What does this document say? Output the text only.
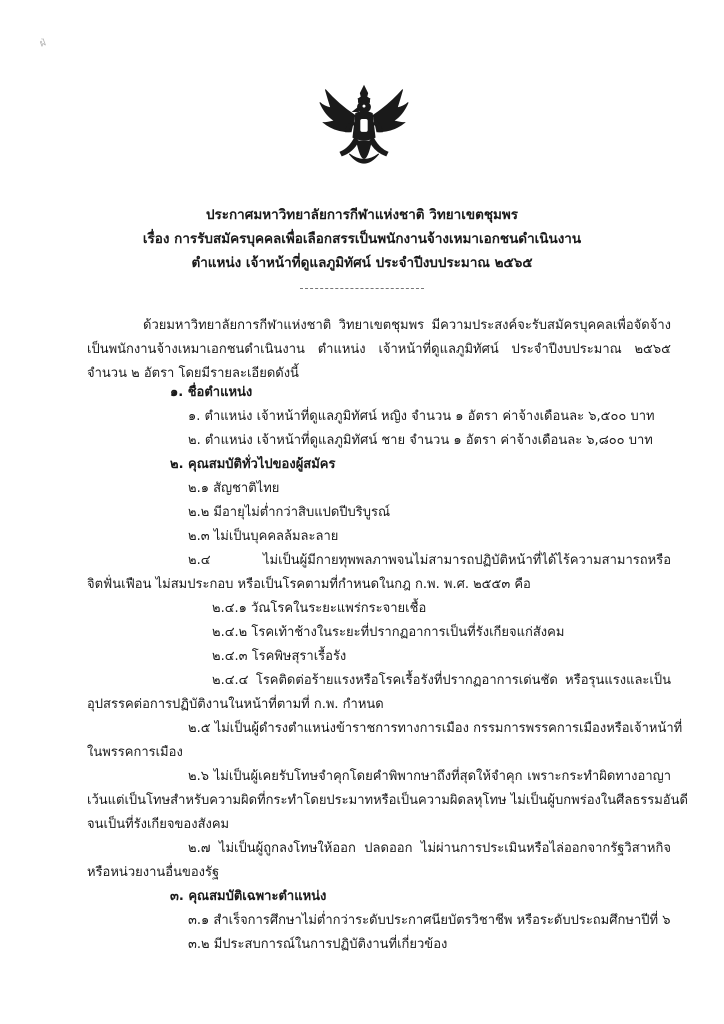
ฝ่
ประกาศมหาวิทยาลัยการกีฬาแห่งชาติ วิทยาเขตชุมพร
เรื่อง การรับสมัครบุคคลเพื่อเลือกสรรเป็นพนักงานจ้างเหมาเอกชนดำเนินงาน
ตำแหน่ง เจ้าหน้าที่ดูแลภูมิทัศน์ ประจำปีงบประมาณ ๒๕๖๕
ด้วยมหาวิทยาลัยการกีฬาแห่งชาติ วิทยาเขตชุมพร มีความประสงค์จะรับสมัครบุคคลเพื่อจัดจ้าง
เป็นพนักงานจ้างเหมาเอกชนดำเนินงาน ตำแหน่ง เจ้าหน้าที่ดูแลภูมิทัศน์ ประจำปีงบประมาณ ๒๕๖๕
จำนวน ๒ อัตรา โดยมีรายละเอียดดังนี้
๑. ชื่อตำแหน่ง
๑. ตำแหน่ง เจ้าหน้าที่ดูแลภูมิทัศน์ หญิง จำนวน ๑ อัตรา ค่าจ้างเดือนละ ๖,๕๐๐ บาท
๒. ตำแหน่ง เจ้าหน้าที่ดูแลภูมิทัศน์ ชาย จำนวน ๑ อัตรา ค่าจ้างเดือนละ ๖,๘๐๐ บาท
๒. คุณสมบัติทั่วไปของผู้สมัคร
๒.๑ สัญชาติไทย
๒.๒ มีอายุไม่ต่ำกว่าสิบแปดปีบริบูรณ์
๒.๓ ไม่เป็นบุคคลล้มละลาย
๒.๔ ไม่เป็นผู้มีกายทุพพลภาพจนไม่สามารถปฏิบัติหน้าที่ได้ไร้ความสามารถหรือ
จิตฟั่นเฟือน ไม่สมประกอบ หรือเป็นโรคตามที่กำหนดในกฎ ก.พ. พ.ศ. ๒๕๕๓ คือ
๒.๔.๑ วัณโรคในระยะแพร่กระจายเชื้อ
๒.๔.๒ โรคเท้าช้างในระยะที่ปรากฏอาการเป็นที่รังเกียจแก่สังคม
๒.๔.๓ โรคพิษสุราเรื้อรัง
๒.๔.๔ โรคติดต่อร้ายแรงหรือโรคเรื้อรังที่ปรากฏอาการเด่นชัด หรือรุนแรงและเป็น
อุปสรรคต่อการปฏิบัติงานในหน้าที่ตามที่ ก.พ. กำหนด
๒.๕ ไม่เป็นผู้ดำรงตำแหน่งข้าราชการทางการเมือง กรรมการพรรคการเมืองหรือเจ้าหน้าที่
ในพรรคการเมือง
๒.๖ ไม่เป็นผู้เคยรับโทษจำคุกโดยคำพิพากษาถึงที่สุดให้จำคุก เพราะกระทำผิดทางอาญา
เว้นแต่เป็นโทษสำหรับความผิดที่กระทำโดยประมาทหรือเป็นความผิดลหุโทษ ไม่เป็นผู้บกพร่องในศีลธรรมอันดี
จนเป็นที่รังเกียจของสังคม
๒.๗ ไม่เป็นผู้ถูกลงโทษให้ออก ปลดออก ไม่ผ่านการประเมินหรือไล่ออกจากรัฐวิสาหกิจ
หรือหน่วยงานอื่นของรัฐ
๓. คุณสมบัติเฉพาะตำแหน่ง
๓.๑ สำเร็จการศึกษาไม่ต่ำกว่าระดับประกาศนียบัตรวิชาชีพ หรือระดับประถมศึกษาปีที่ ๖
๓.๒ มีประสบการณ์ในการปฏิบัติงานที่เกี่ยวข้อง
